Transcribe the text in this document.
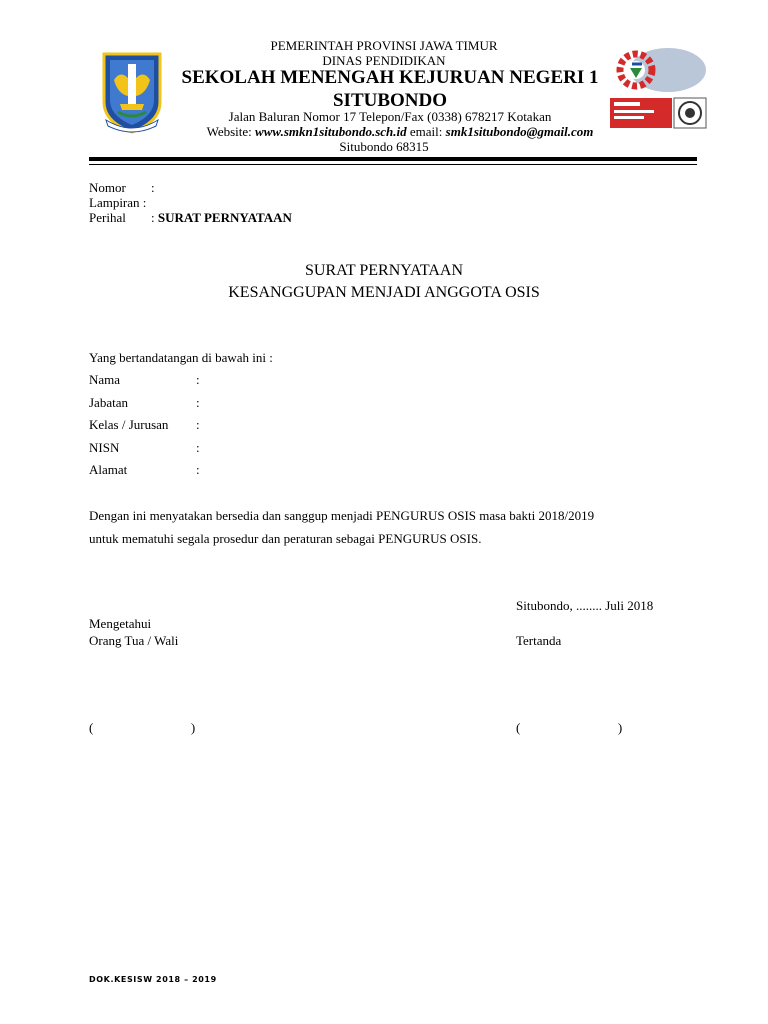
PEMERINTAH PROVINSI JAWA TIMUR
DINAS PENDIDIKAN
SEKOLAH MENENGAH KEJURUAN NEGERI 1
SITUBONDO
Jalan Baluran Nomor 17 Telepon/Fax (0338) 678217 Kotakan
Website: www.smkn1situbondo.sch.id email: smk1situbondo@gmail.com
Situbondo 68315
Nomor :
Lampiran :
Perihal : SURAT PERNYATAAN
SURAT PERNYATAAN
KESANGGUPAN MENJADI ANGGOTA OSIS
Yang bertandatangan di bawah ini :
Nama	:
Jabatan	:
Kelas / Jurusan :
NISN	:
Alamat	:
Dengan ini menyatakan bersedia dan sanggup menjadi PENGURUS OSIS masa bakti 2018/2019
untuk mematuhi segala prosedur dan peraturan sebagai PENGURUS OSIS.
Situbondo, ........ Juli 2018
Mengetahui
Orang Tua / Wali	Tertanda
(                              )	(                              )
DOK.KESISW 2018 – 2019
